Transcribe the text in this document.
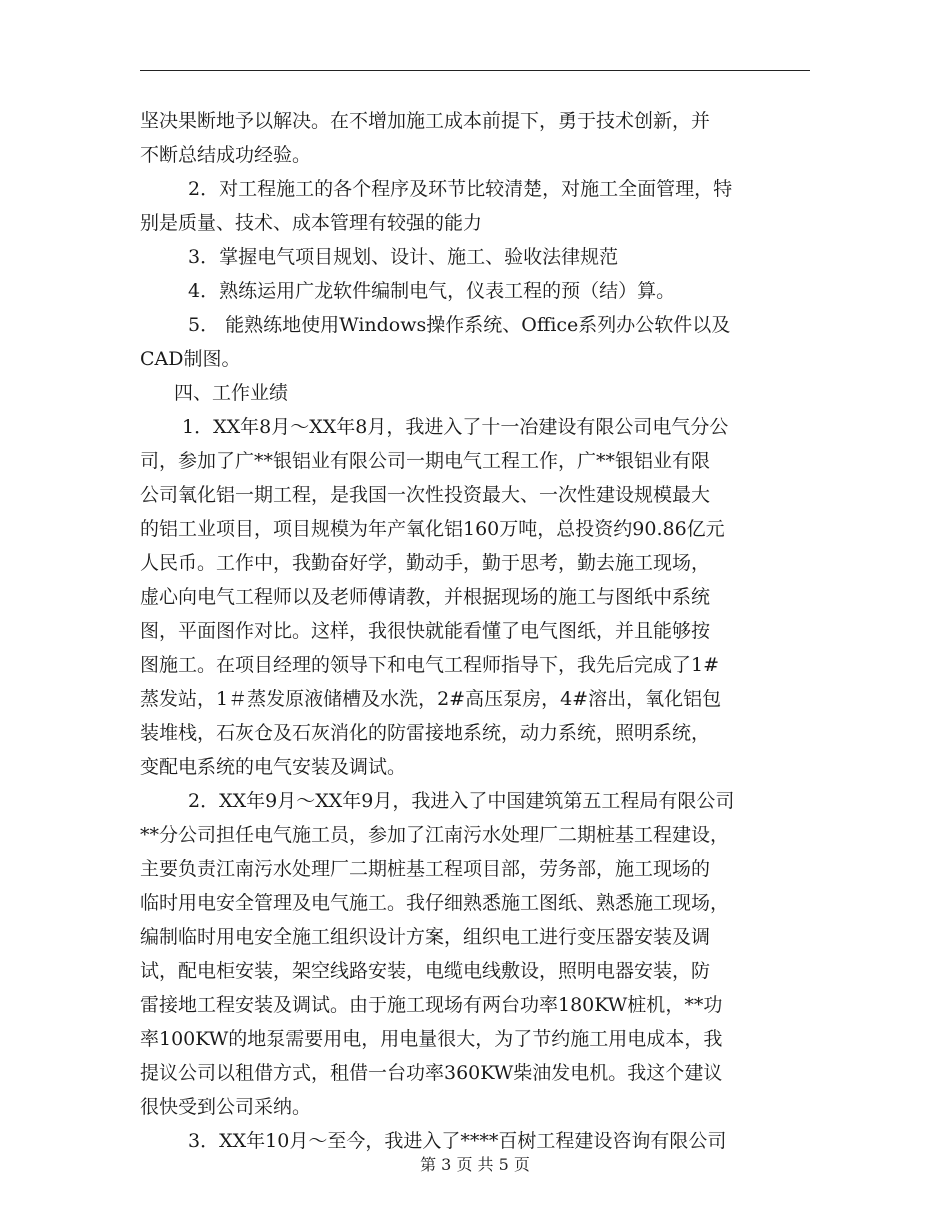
坚决果断地予以解决。在不增加施工成本前提下，勇于技术创新，并
不断总结成功经验。
2．对工程施工的各个程序及环节比较清楚，对施工全面管理，特
别是质量、技术、成本管理有较强的能力
3．掌握电气项目规划、设计、施工、验收法律规范
4．熟练运用广龙软件编制电气，仪表工程的预（结）算。
5． 能熟练地使用Windows操作系统、Office系列办公软件以及
CAD制图。
四、工作业绩
1．XX年8月～XX年8月，我进入了十一冶建设有限公司电气分公
司，参加了广**银铝业有限公司一期电气工程工作，广**银铝业有限
公司氧化铝一期工程，是我国一次性投资最大、一次性建设规模最大
的铝工业项目，项目规模为年产氧化铝160万吨，总投资约90.86亿元
人民币。工作中，我勤奋好学，勤动手，勤于思考，勤去施工现场，
虚心向电气工程师以及老师傅请教，并根据现场的施工与图纸中系统
图，平面图作对比。这样，我很快就能看懂了电气图纸，并且能够按
图施工。在项目经理的领导下和电气工程师指导下，我先后完成了1#
蒸发站，1＃蒸发原液储槽及水洗，2#高压泵房，4#溶出，氧化铝包
装堆栈，石灰仓及石灰消化的防雷接地系统，动力系统，照明系统，
变配电系统的电气安装及调试。
2．XX年9月～XX年9月，我进入了中国建筑第五工程局有限公司
**分公司担任电气施工员，参加了江南污水处理厂二期桩基工程建设，
主要负责江南污水处理厂二期桩基工程项目部，劳务部，施工现场的
临时用电安全管理及电气施工。我仔细熟悉施工图纸、熟悉施工现场，
编制临时用电安全施工组织设计方案，组织电工进行变压器安装及调
试，配电柜安装，架空线路安装，电缆电线敷设，照明电器安装，防
雷接地工程安装及调试。由于施工现场有两台功率180KW桩机，**功
率100KW的地泵需要用电，用电量很大，为了节约施工用电成本，我
提议公司以租借方式，租借一台功率360KW柴油发电机。我这个建议
很快受到公司采纳。
3．XX年10月～至今，我进入了****百树工程建设咨询有限公司
第 3 页 共 5 页
